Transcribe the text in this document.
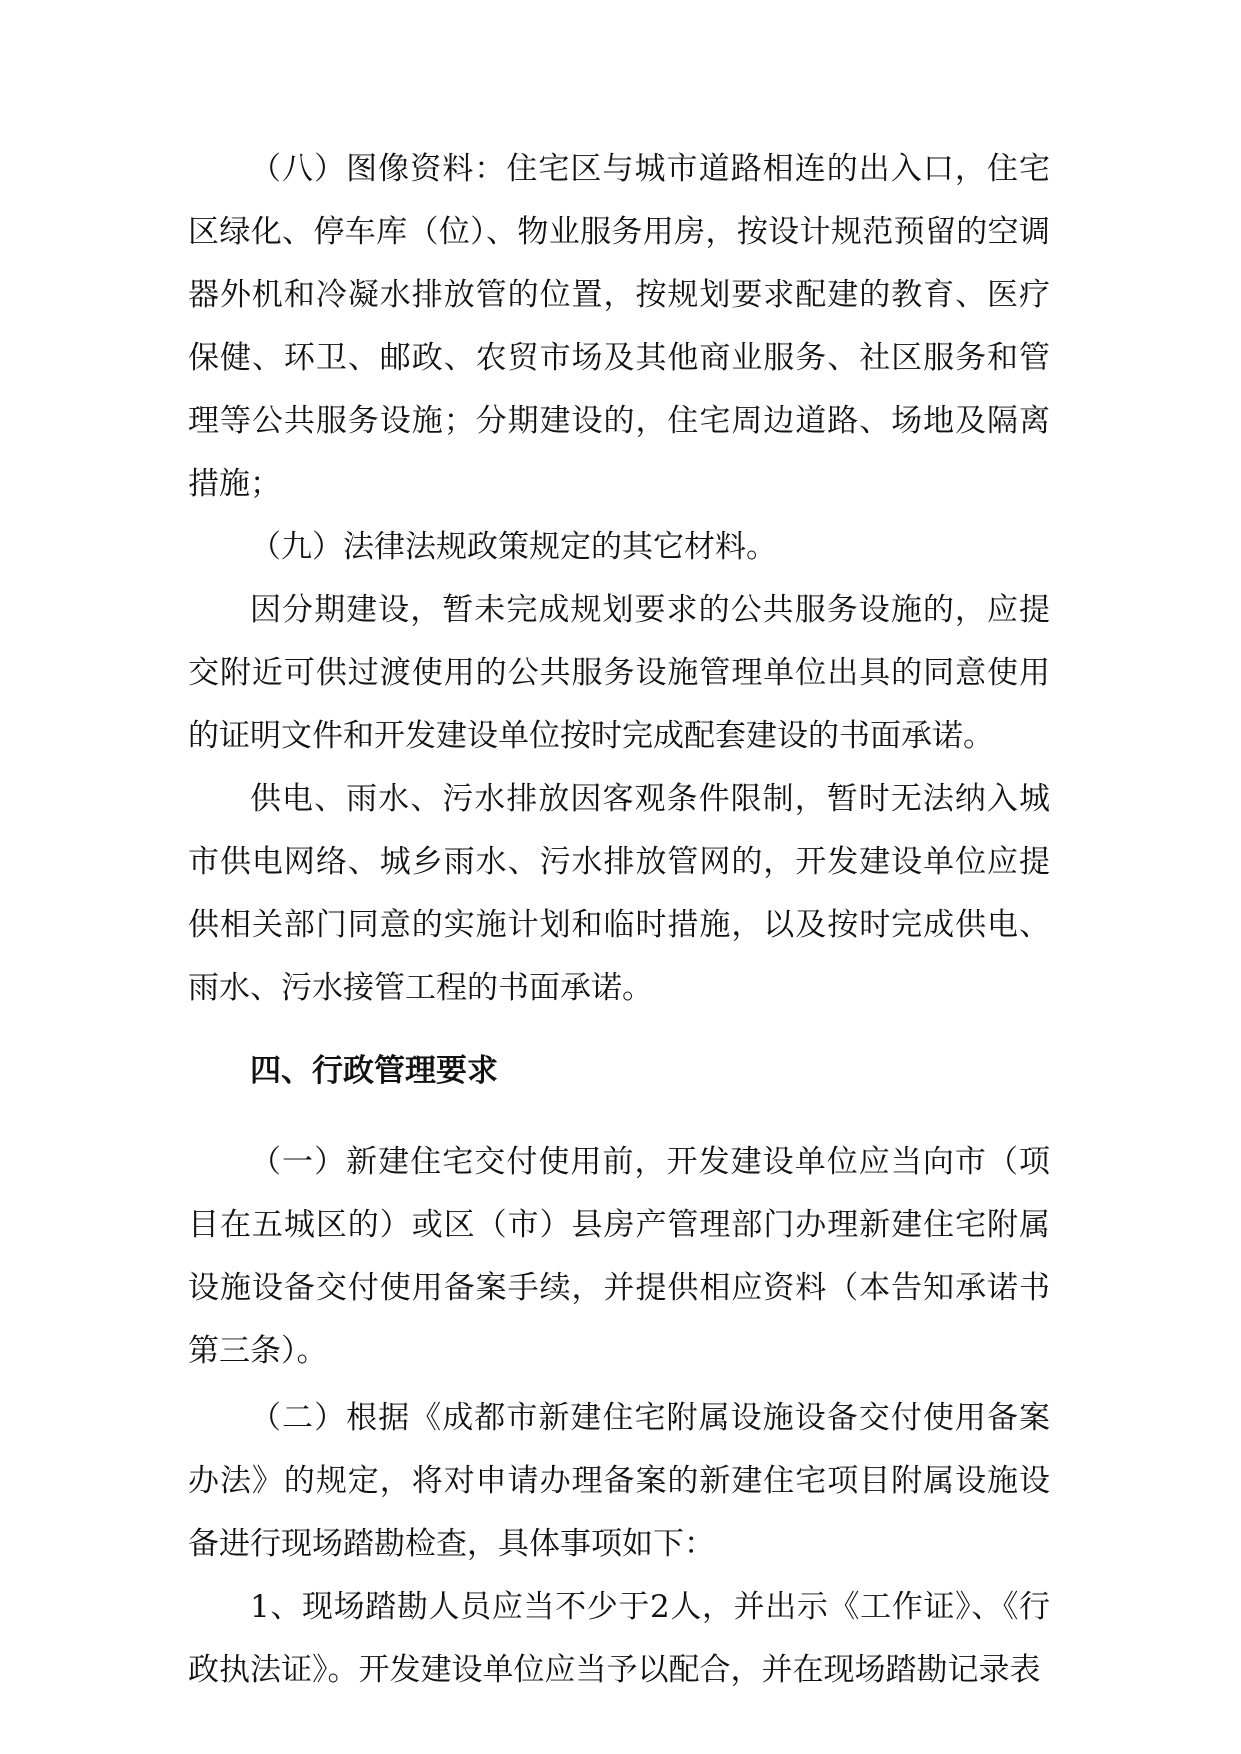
（八）图像资料：住宅区与城市道路相连的出入口，住宅区绿化、停车库（位）、物业服务用房，按设计规范预留的空调器外机和冷凝水排放管的位置，按规划要求配建的教育、医疗保健、环卫、邮政、农贸市场及其他商业服务、社区服务和管理等公共服务设施；分期建设的，住宅周边道路、场地及隔离措施；

（九）法律法规政策规定的其它材料。

因分期建设，暂未完成规划要求的公共服务设施的，应提交附近可供过渡使用的公共服务设施管理单位出具的同意使用的证明文件和开发建设单位按时完成配套建设的书面承诺。

供电、雨水、污水排放因客观条件限制，暂时无法纳入城市供电网络、城乡雨水、污水排放管网的，开发建设单位应提供相关部门同意的实施计划和临时措施，以及按时完成供电、雨水、污水接管工程的书面承诺。

四、行政管理要求

（一）新建住宅交付使用前，开发建设单位应当向市（项目在五城区的）或区（市）县房产管理部门办理新建住宅附属设施设备交付使用备案手续，并提供相应资料（本告知承诺书第三条）。

（二）根据《成都市新建住宅附属设施设备交付使用备案办法》的规定，将对申请办理备案的新建住宅项目附属设施设备进行现场踏勘检查，具体事项如下：

1、现场踏勘人员应当不少于2人，并出示《工作证》、《行政执法证》。开发建设单位应当予以配合，并在现场踏勘记录表
